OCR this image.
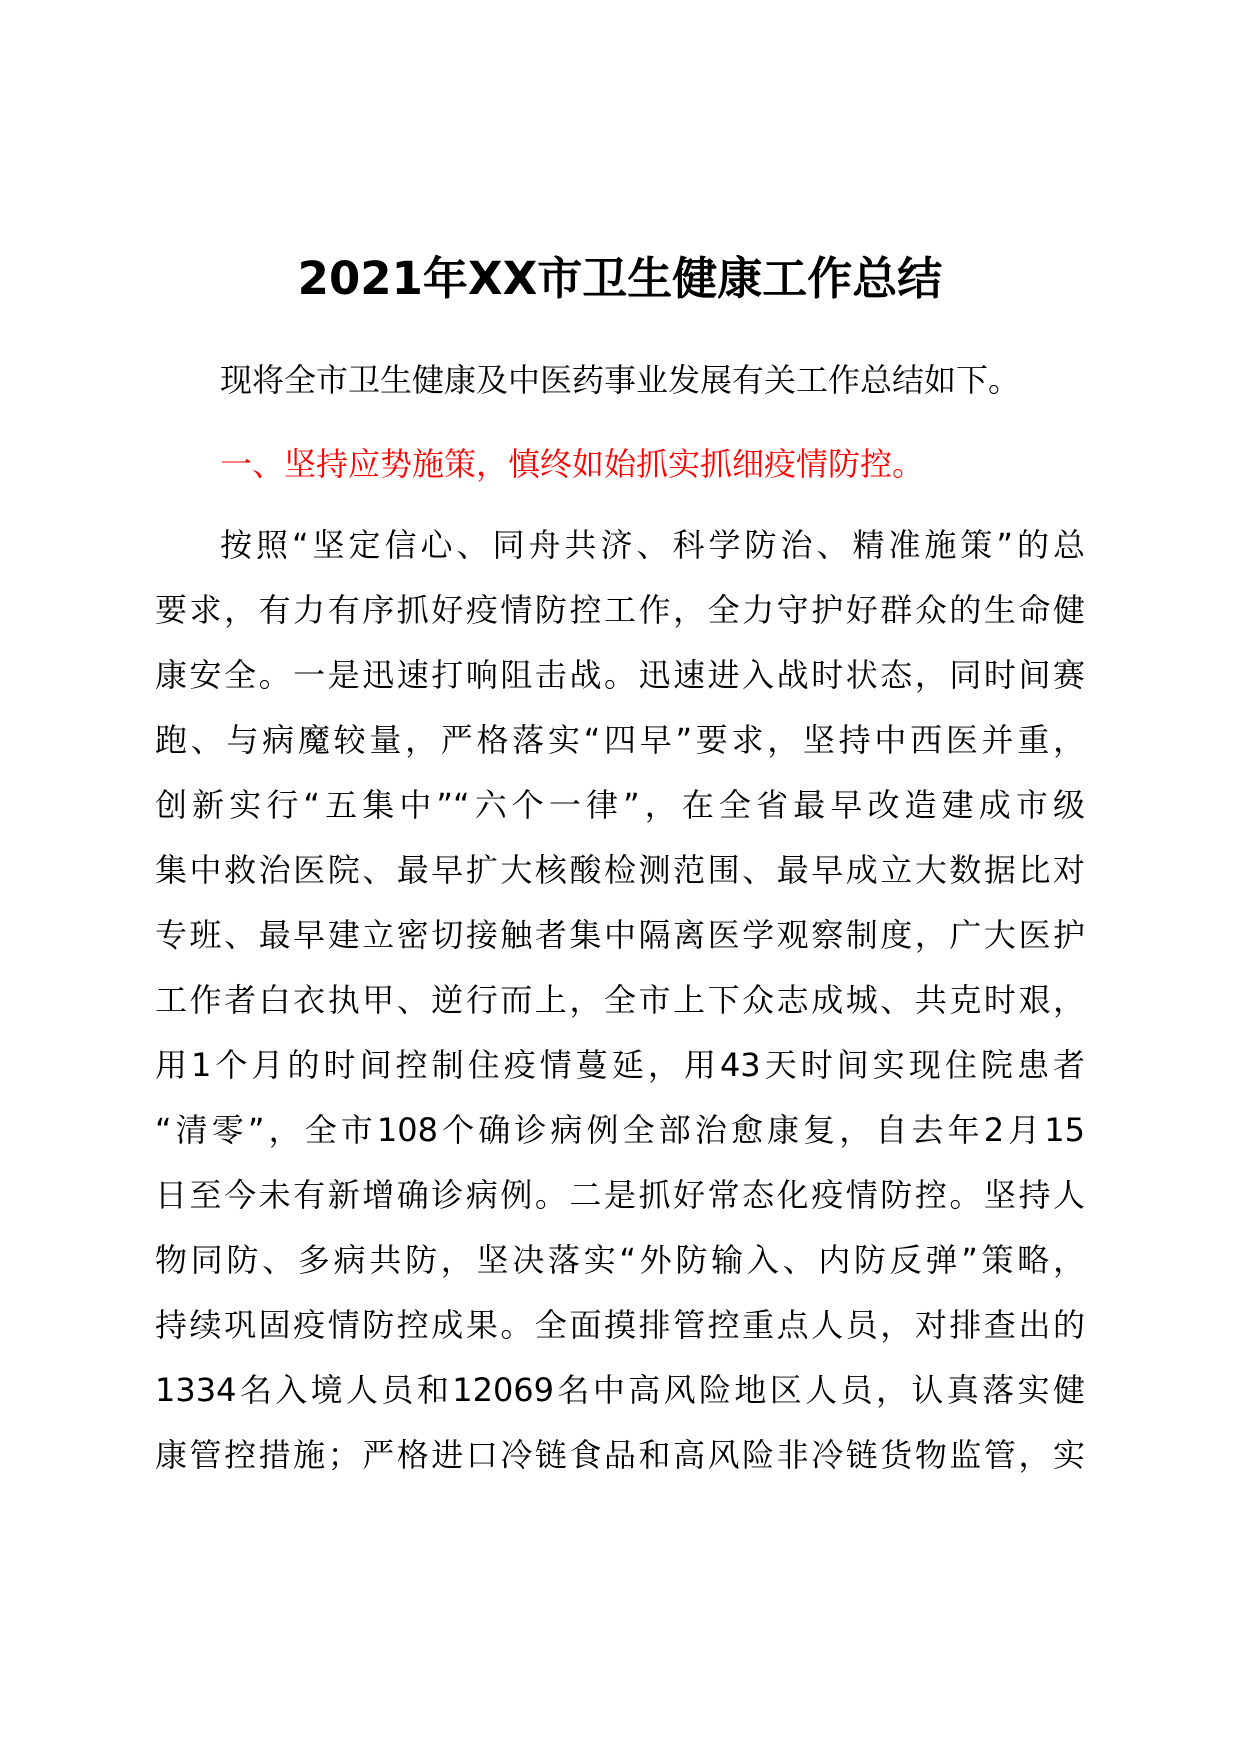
2021年XX市卫生健康工作总结
现将全市卫生健康及中医药事业发展有关工作总结如下。
一、坚持应势施策，慎终如始抓实抓细疫情防控。
按照“坚定信心、同舟共济、科学防治、精准施策”的总
要求，有力有序抓好疫情防控工作，全力守护好群众的生命健
康安全。一是迅速打响阻击战。迅速进入战时状态，同时间赛
跑、与病魔较量，严格落实“四早”要求，坚持中西医并重，
创新实行“五集中”“六个一律”，在全省最早改造建成市级
集中救治医院、最早扩大核酸检测范围、最早成立大数据比对
专班、最早建立密切接触者集中隔离医学观察制度，广大医护
工作者白衣执甲、逆行而上，全市上下众志成城、共克时艰，
用1个月的时间控制住疫情蔓延，用43天时间实现住院患者
“清零”，全市108个确诊病例全部治愈康复，自去年2月15
日至今未有新增确诊病例。二是抓好常态化疫情防控。坚持人
物同防、多病共防，坚决落实“外防输入、内防反弹”策略，
持续巩固疫情防控成果。全面摸排管控重点人员，对排查出的
1334名入境人员和12069名中高风险地区人员，认真落实健
康管控措施；严格进口冷链食品和高风险非冷链货物监管，实
